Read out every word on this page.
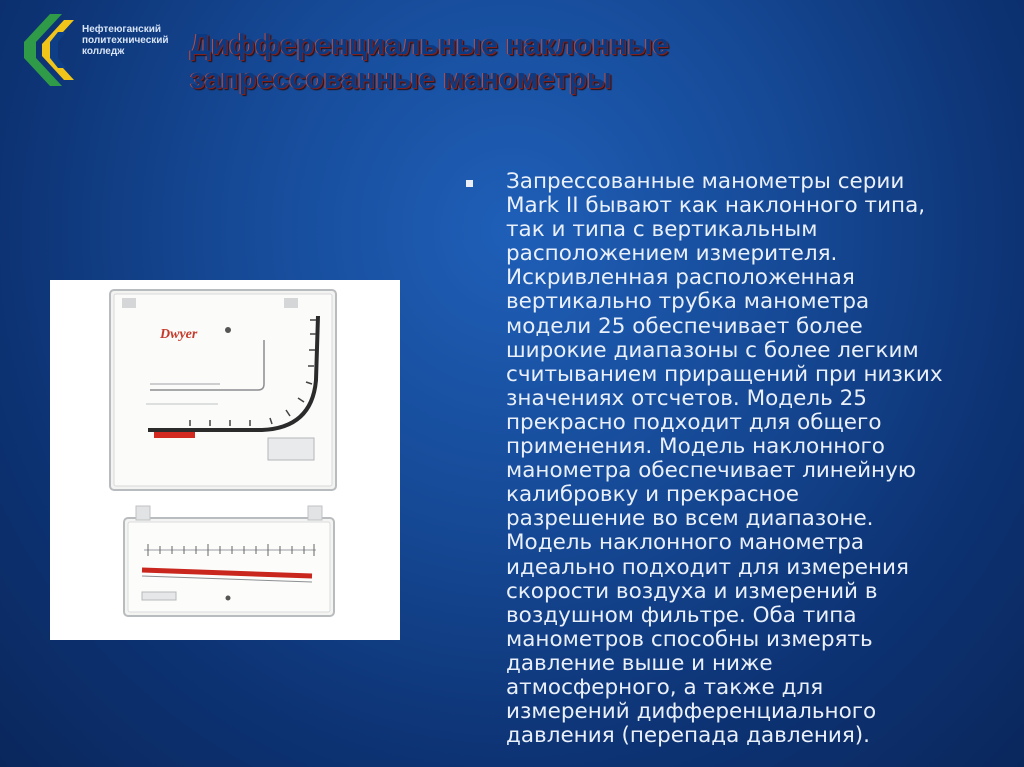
Нефтеюганский
политехнический
колледж	Дифференциальные наклонные
запрессованные манометры
Dwyer
Запрессованные манометры серии
Mark II бывают как наклонного типа,
так и типа с вертикальным
расположением измерителя.
Искривленная расположенная
вертикально трубка манометра
модели 25 обеспечивает более
широкие диапазоны с более легким
считыванием приращений при низких
значениях отсчетов. Модель 25
прекрасно подходит для общего
применения. Модель наклонного
манометра обеспечивает линейную
калибровку и прекрасное
разрешение во всем диапазоне.
Модель наклонного манометра
идеально подходит для измерения
скорости воздуха и измерений в
воздушном фильтре. Оба типа
манометров способны измерять
давление выше и ниже
атмосферного, а также для
измерений дифференциального
давления (перепада давления).
